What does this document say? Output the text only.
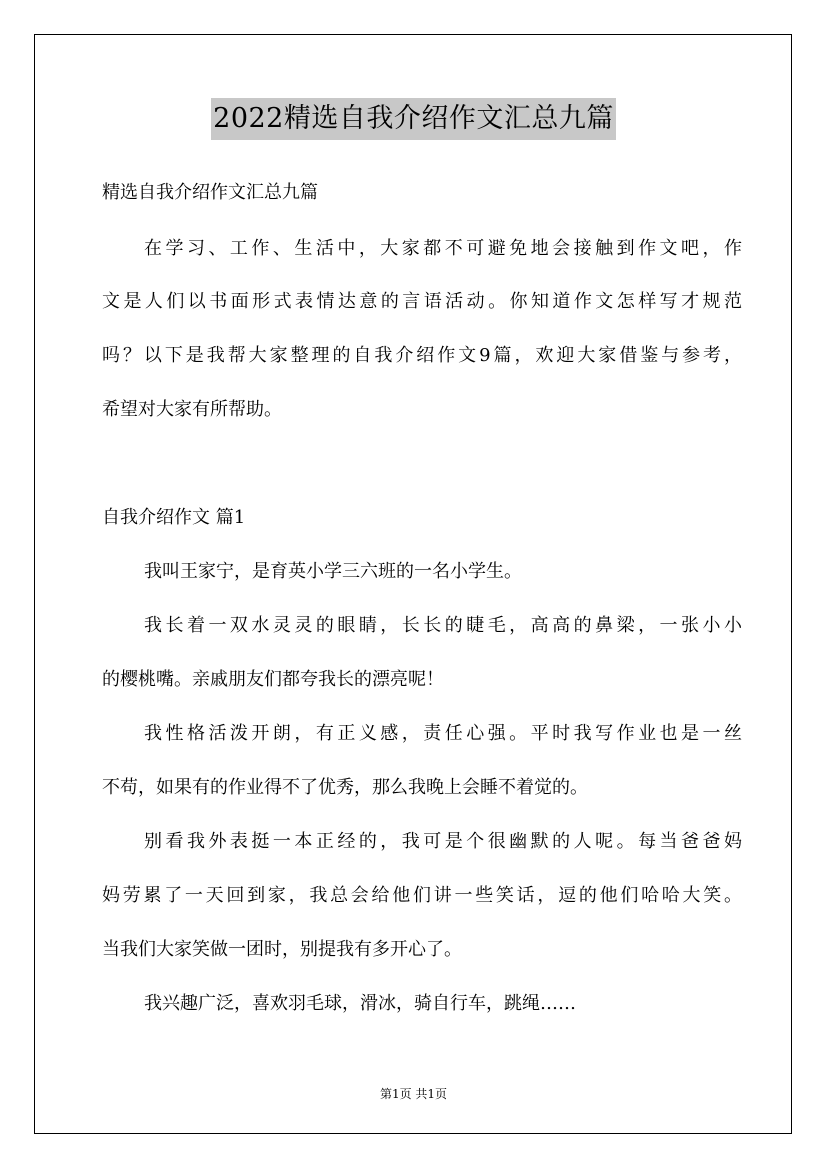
2022精选自我介绍作文汇总九篇
精选自我介绍作文汇总九篇
在学习、工作、生活中，大家都不可避免地会接触到作文吧，作
文是人们以书面形式表情达意的言语活动。你知道作文怎样写才规范
吗？以下是我帮大家整理的自我介绍作文9篇，欢迎大家借鉴与参考，
希望对大家有所帮助。
自我介绍作文 篇1
我叫王家宁，是育英小学三六班的一名小学生。
我长着一双水灵灵的眼睛，长长的睫毛，高高的鼻梁，一张小小
的樱桃嘴。亲戚朋友们都夸我长的漂亮呢！
我性格活泼开朗，有正义感，责任心强。平时我写作业也是一丝
不苟，如果有的作业得不了优秀，那么我晚上会睡不着觉的。
别看我外表挺一本正经的，我可是个很幽默的人呢。每当爸爸妈
妈劳累了一天回到家，我总会给他们讲一些笑话，逗的他们哈哈大笑。
当我们大家笑做一团时，别提我有多开心了。
我兴趣广泛，喜欢羽毛球，滑冰，骑自行车，跳绳……
第1页 共1页
